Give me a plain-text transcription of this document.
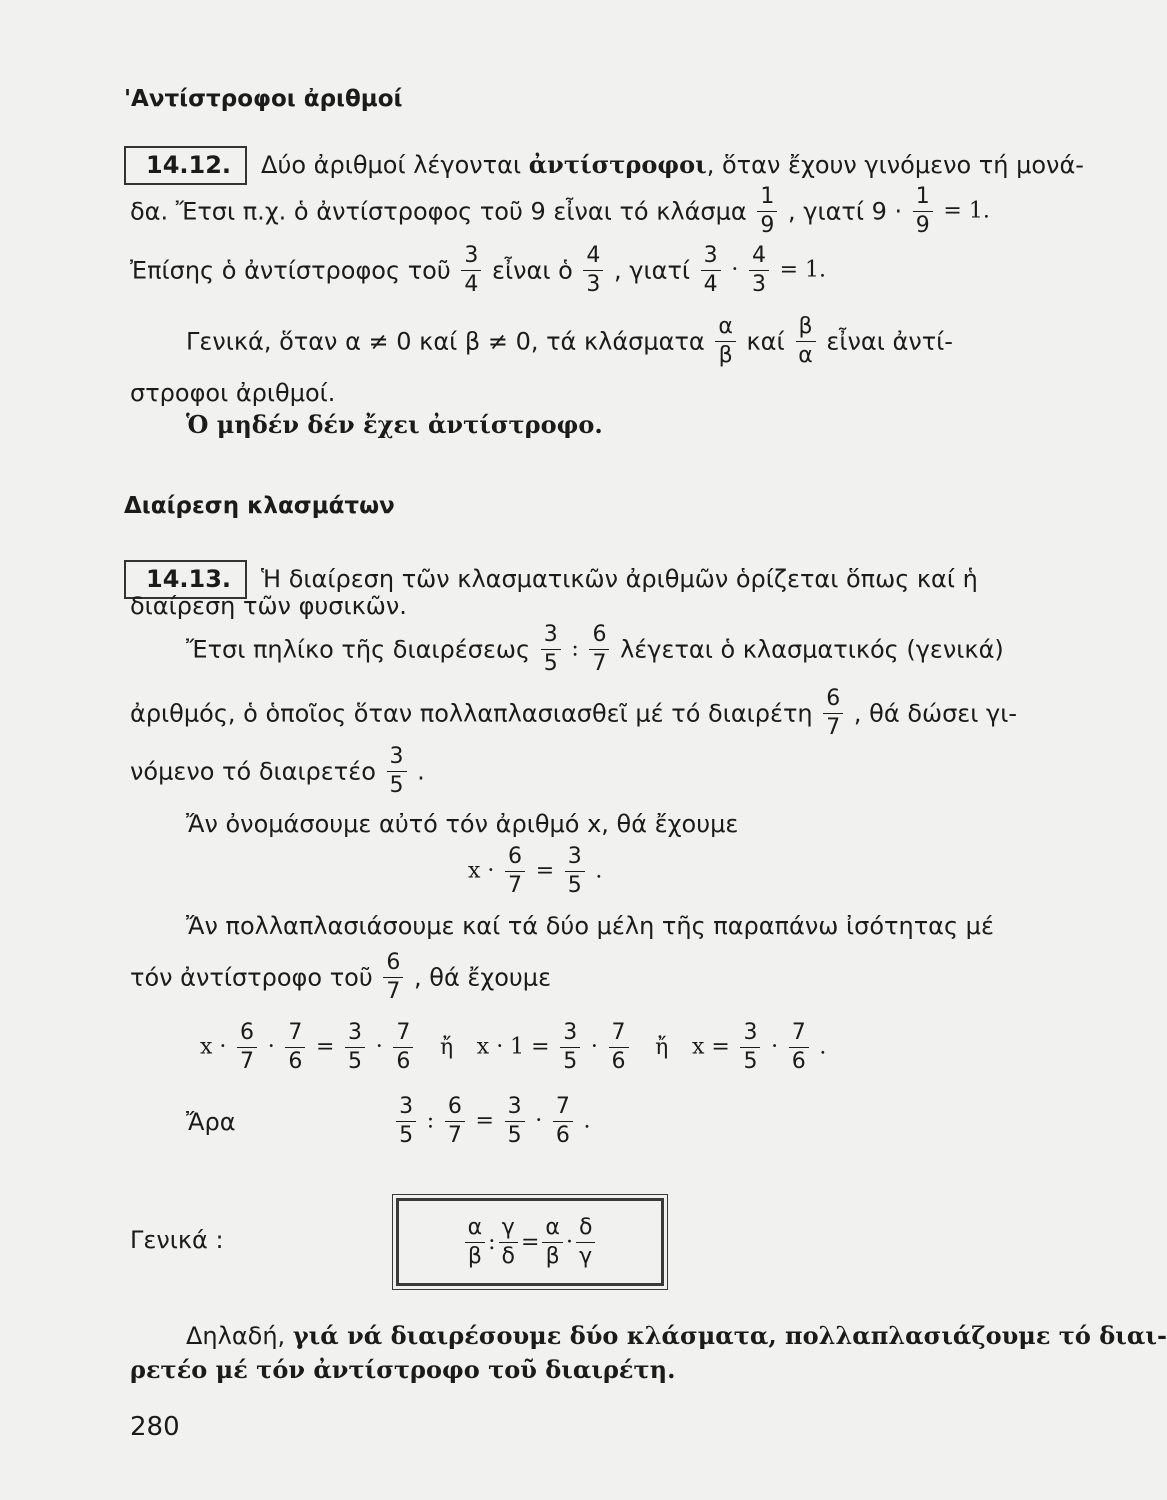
'Αντίστροφοι ἀριθμοί
14.12. Δύο ἀριθμοί λέγονται ἀντίστροφοι, ὅταν ἔχουν γινόμενο τή μονά-
δα. Ἔτσι π.χ. ὁ ἀντίστροφος τοῦ 9 εἶναι τό κλάσμα $\frac{1}{9}$ , γιατί $9 \cdot \frac{1}{9} = 1$.
Ἐπίσης ὁ ἀντίστροφος τοῦ $\frac{3}{4}$ εἶναι ὁ $\frac{4}{3}$ , γιατί $\frac{3}{4} \cdot \frac{4}{3} = 1$.
Γενικά, ὅταν α ≠ 0 καί β ≠ 0, τά κλάσματα $\frac{\alpha}{\beta}$ καί $\frac{\beta}{\alpha}$ εἶναι ἀντί-
στροφοι ἀριθμοί.
Ὁ μηδέν δέν ἔχει ἀντίστροφο.
Διαίρεση κλασμάτων
14.13. Ἡ διαίρεση τῶν κλασματικῶν ἀριθμῶν ὁρίζεται ὅπως καί ἡ
διαίρεση τῶν φυσικῶν.
Ἔτσι πηλίκο τῆς διαιρέσεως $\frac{3}{5}$ : $\frac{6}{7}$ λέγεται ὁ κλασματικός (γενικά)
ἀριθμός, ὁ ὁποῖος ὅταν πολλαπλασιασθεῖ μέ τό διαιρέτη $\frac{6}{7}$ , θά δώσει γι-
νόμενο τό διαιρετέο $\frac{3}{5}$ .
Ἄν ὀνομάσουμε αὐτό τόν ἀριθμό x, θά ἔχουμε
$x \cdot \frac{6}{7} = \frac{3}{5}$ .
Ἄν πολλαπλασιάσουμε καί τά δύο μέλη τῆς παραπάνω ἰσότητας μέ
τόν ἀντίστροφο τοῦ $\frac{6}{7}$ , θά ἔχουμε
$x \cdot \frac{6}{7} \cdot \frac{7}{6} = \frac{3}{5} \cdot \frac{7}{6}$ ἤ $x \cdot 1 = \frac{3}{5} \cdot \frac{7}{6}$ ἤ $x = \frac{3}{5} \cdot \frac{7}{6}$ .
Ἄρα	$\frac{3}{5}$ : $\frac{6}{7} = \frac{3}{5} \cdot \frac{7}{6}$ .
Γενικά :	α
β
: $\frac{\gamma}{\delta} = \frac{\alpha}{\beta}$ ·
δ
γ
Δηλαδή, γιά νά διαιρέσουμε δύο κλάσματα, πολλαπλασιάζουμε τό διαι-
ρετέο μέ τόν ἀντίστροφο τοῦ διαιρέτη.
280
